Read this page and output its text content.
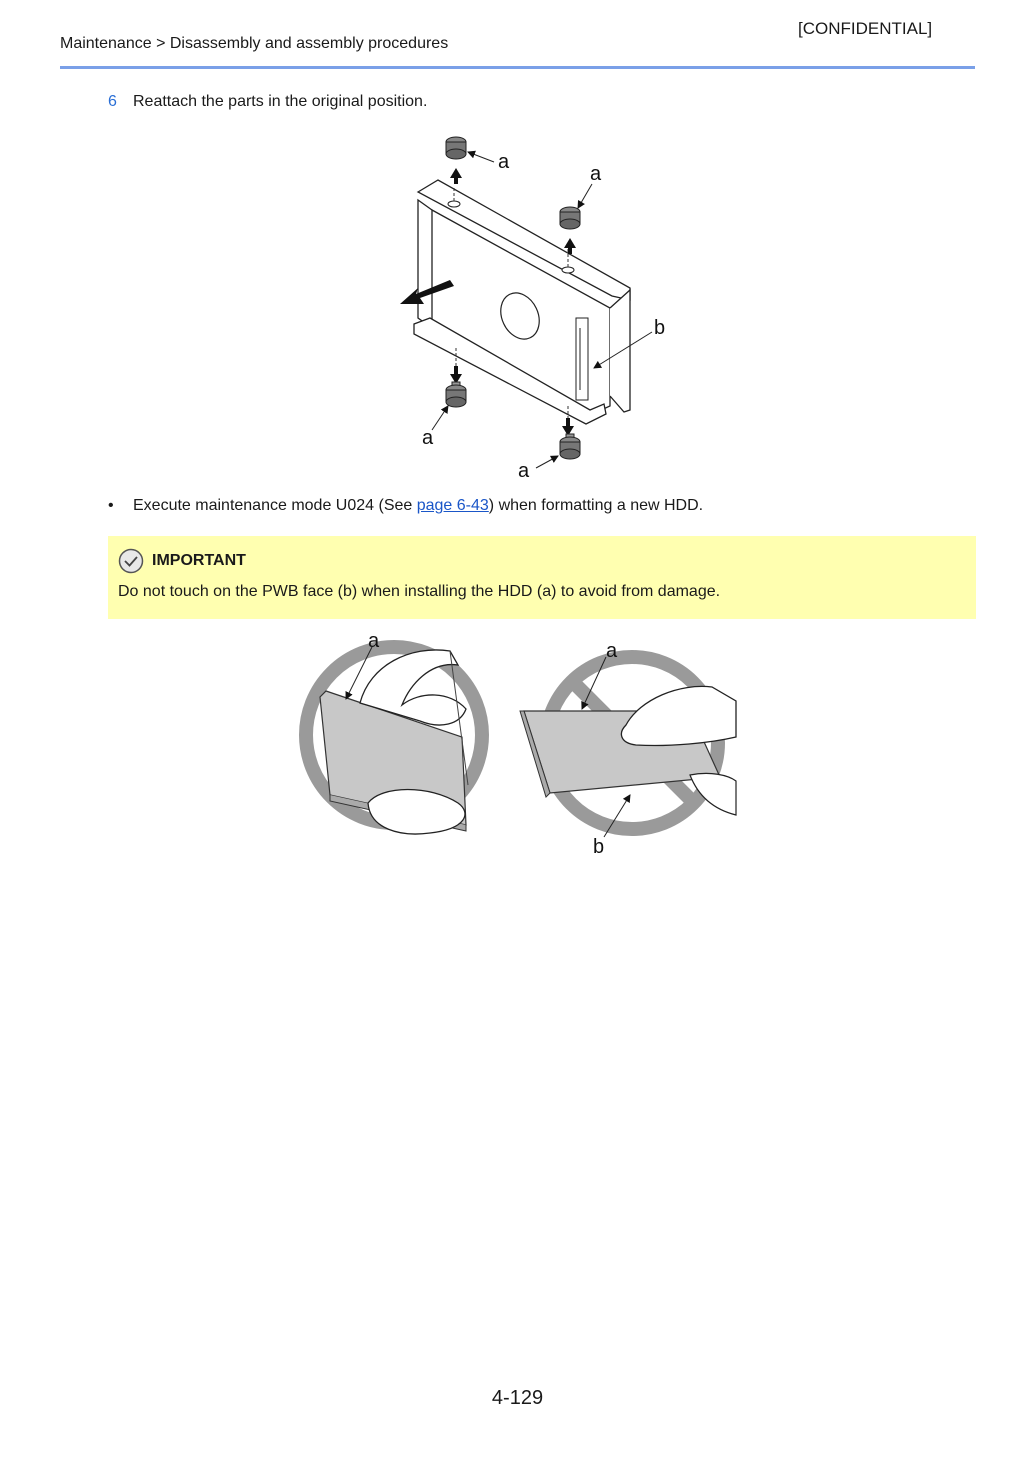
[CONFIDENTIAL]
Maintenance > Disassembly and assembly procedures
6 Reattach the parts in the original position.
a
a
b
a
a
• Execute maintenance mode U024 (See page 6-43) when formatting a new HDD.
IMPORTANT
Do not touch on the PWB face (b) when installing the HDD (a) to avoid from damage.
a	a
b
4-129
